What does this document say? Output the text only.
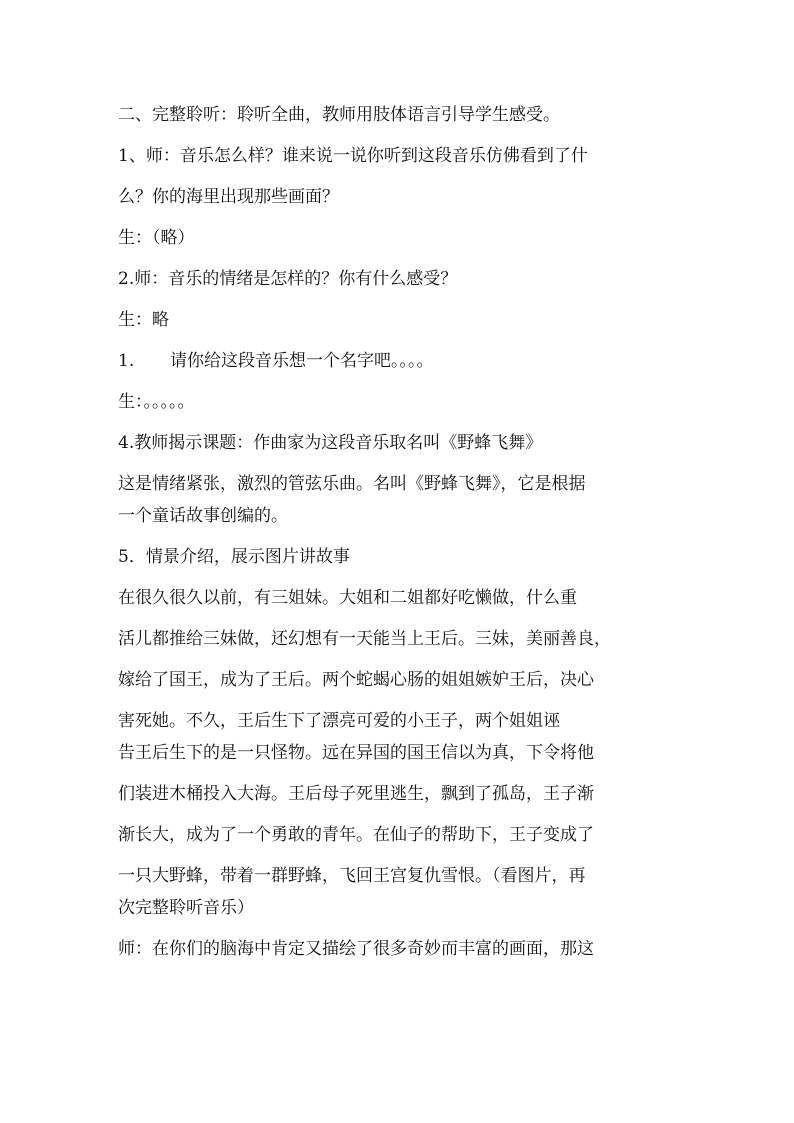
二、完整聆听：聆听全曲，教师用肢体语言引导学生感受。
1、师：音乐怎么样？谁来说一说你听到这段音乐仿佛看到了什
么？你的海里出现那些画面？
生：（略）
2.师：音乐的情绪是怎样的？你有什么感受？
生：略
1. 请你给这段音乐想一个名字吧。。。。
生：。。。。。
4.教师揭示课题：作曲家为这段音乐取名叫《野蜂飞舞》
这是情绪紧张，激烈的管弦乐曲。名叫《野蜂飞舞》，它是根据
一个童话故事创编的。
5．情景介绍，展示图片讲故事
在很久很久以前，有三姐妹。大姐和二姐都好吃懒做，什么重
活儿都推给三妹做，还幻想有一天能当上王后。三妹，美丽善良，
嫁给了国王，成为了王后。两个蛇蝎心肠的姐姐嫉妒王后，决心
害死她。不久，王后生下了漂亮可爱的小王子，两个姐姐诬
告王后生下的是一只怪物。远在异国的国王信以为真，下令将他
们装进木桶投入大海。王后母子死里逃生，飘到了孤岛，王子渐
渐长大，成为了一个勇敢的青年。在仙子的帮助下，王子变成了
一只大野蜂，带着一群野蜂，飞回王宫复仇雪恨。（看图片，再
次完整聆听音乐）
师：在你们的脑海中肯定又描绘了很多奇妙而丰富的画面，那这
